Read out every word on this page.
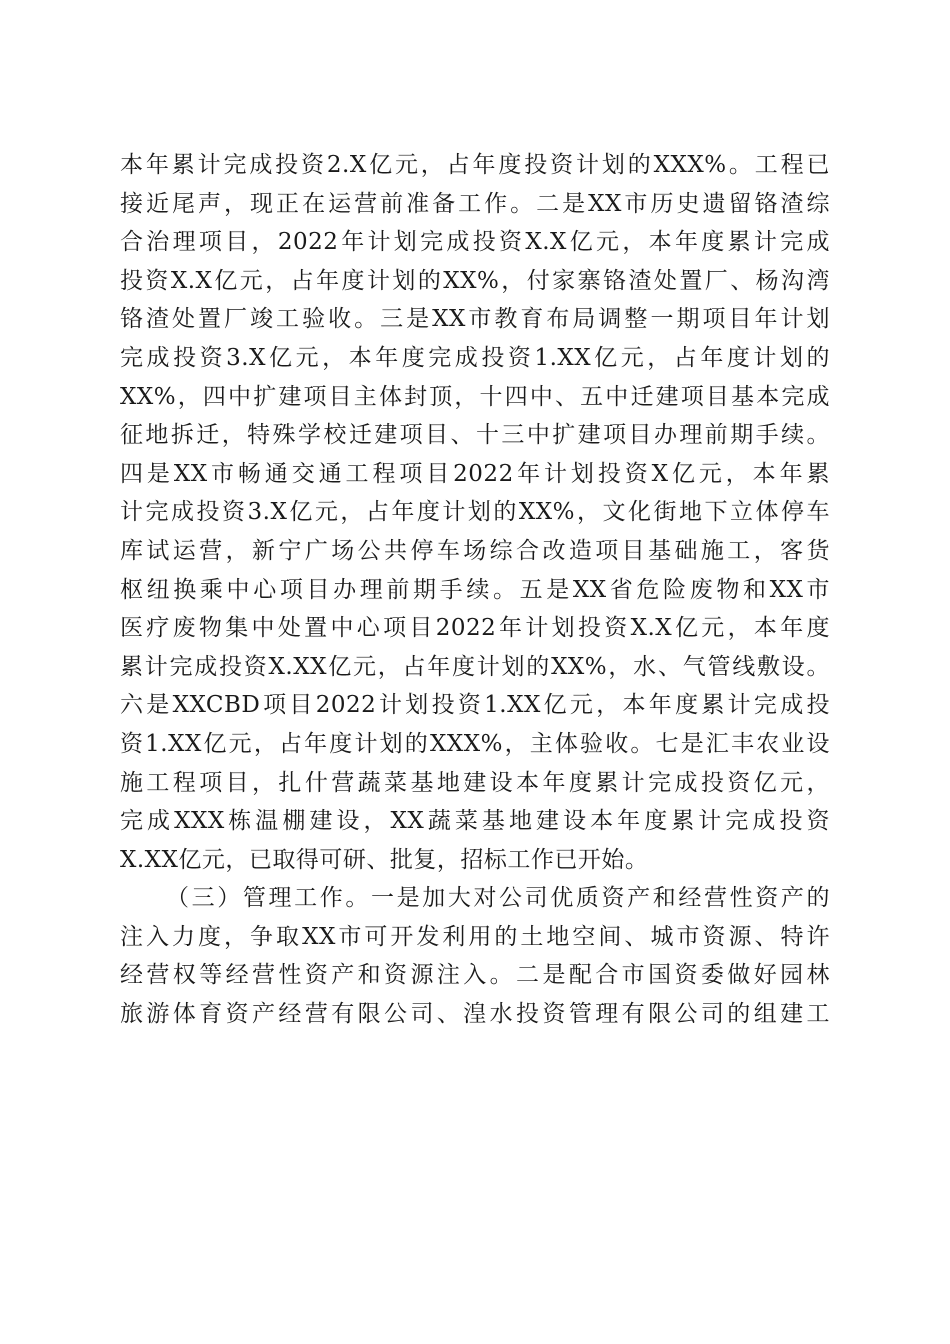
本年累计完成投资2.X亿元，占年度投资计划的XXX%。工程已
接近尾声，现正在运营前准备工作。二是XX市历史遗留铬渣综
合治理项目，2022年计划完成投资X.X亿元，本年度累计完成
投资X.X亿元，占年度计划的XX%，付家寨铬渣处置厂、杨沟湾
铬渣处置厂竣工验收。三是XX市教育布局调整一期项目年计划
完成投资3.X亿元，本年度完成投资1.XX亿元，占年度计划的
XX%，四中扩建项目主体封顶，十四中、五中迁建项目基本完成
征地拆迁，特殊学校迁建项目、十三中扩建项目办理前期手续。
四是XX市畅通交通工程项目2022年计划投资X亿元，本年累
计完成投资3.X亿元，占年度计划的XX%，文化街地下立体停车
库试运营，新宁广场公共停车场综合改造项目基础施工，客货
枢纽换乘中心项目办理前期手续。五是XX省危险废物和XX市
医疗废物集中处置中心项目2022年计划投资X.X亿元，本年度
累计完成投资X.XX亿元，占年度计划的XX%，水、气管线敷设。
六是XXCBD项目2022计划投资1.XX亿元，本年度累计完成投
资1.XX亿元，占年度计划的XXX%，主体验收。七是汇丰农业设
施工程项目，扎什营蔬菜基地建设本年度累计完成投资亿元，
完成XXX栋温棚建设，XX蔬菜基地建设本年度累计完成投资
X.XX亿元，已取得可研、批复，招标工作已开始。
（三）管理工作。一是加大对公司优质资产和经营性资产的
注入力度，争取XX市可开发利用的土地空间、城市资源、特许
经营权等经营性资产和资源注入。二是配合市国资委做好园林
旅游体育资产经营有限公司、湟水投资管理有限公司的组建工
